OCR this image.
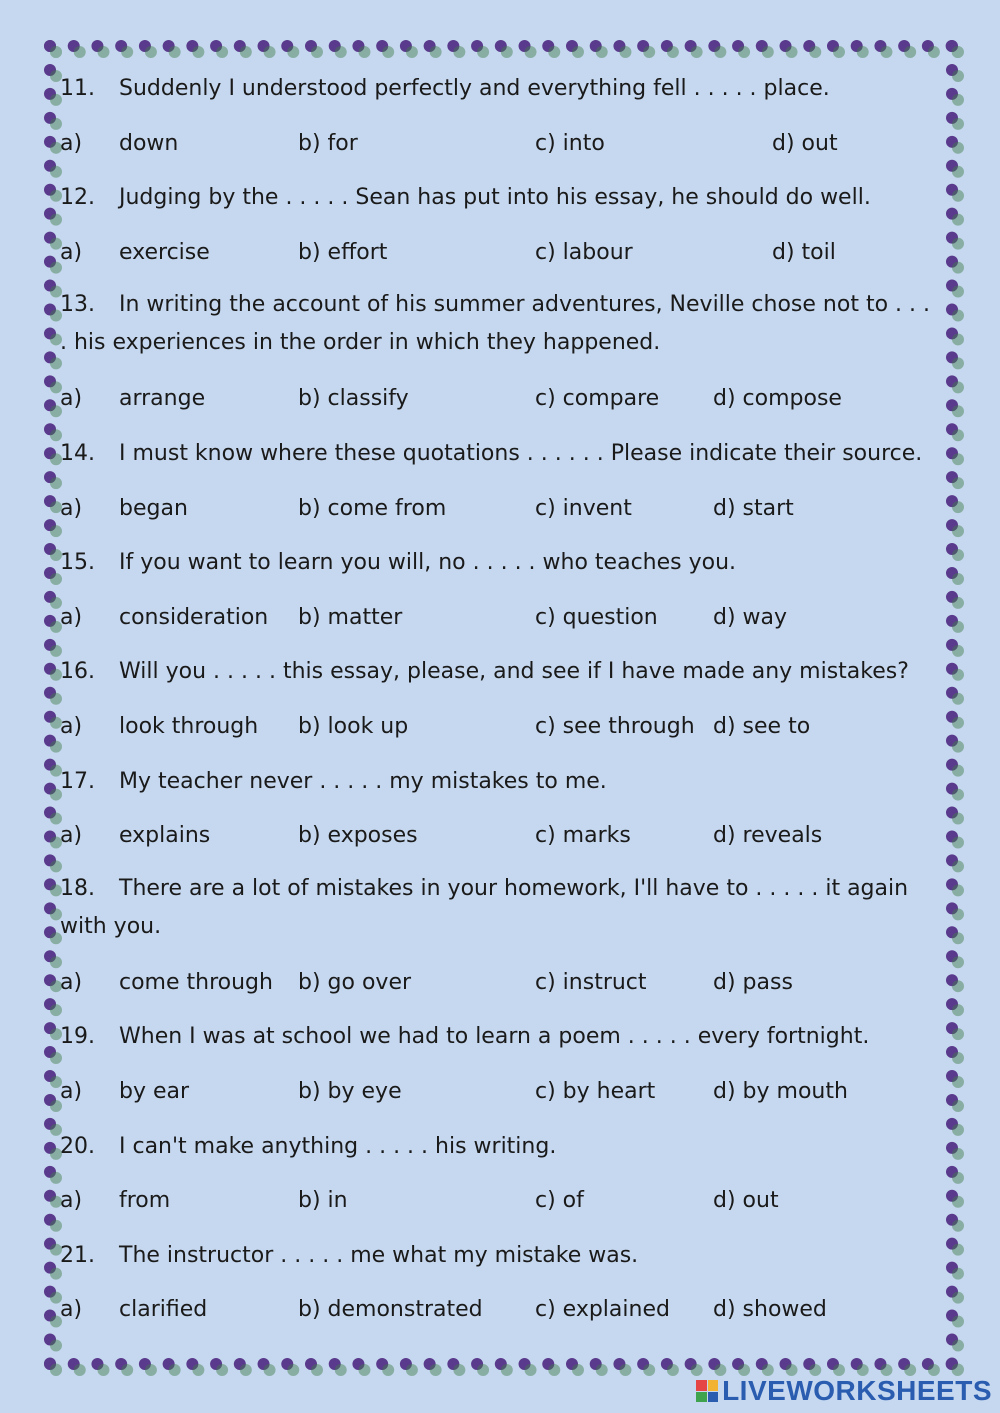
11. Suddenly I understood perfectly and everything fell . . . . . place.
a) down	b) for	c) into	d) out
12. Judging by the . . . . . Sean has put into his essay, he should do well.
a) exercise	b) effort	c) labour	d) toil
13. In writing the account of his summer adventures, Neville chose not to . . . . his experiences in the order in which they happened.
a) arrange	b) classify	c) compare d) compose
14. I must know where these quotations . . . . . . Please indicate their source.
a) began	b) come from	c) invent	d) start
15. If you want to learn you will, no . . . . . who teaches you.
a) consideration b) matter	c) question	d) way
16. Will you . . . . . this essay, please, and see if I have made any mistakes?
a) look through b) look up	c) see through d) see to
17. My teacher never . . . . . my mistakes to me.
a) explains	b) exposes	c) marks	d) reveals
18. There are a lot of mistakes in your homework, I'll have to . . . . . it again with you.
a) come through b) go over	c) instruct	d) pass
19. When I was at school we had to learn a poem . . . . . every fortnight.
a) by ear	b) by eye	c) by heart	d) by mouth
20. I can't make anything . . . . . his writing.
a) from	b) in	c) of	d) out
21. The instructor . . . . . me what my mistake was.
a) clarified	b) demonstrated c) explained d) showed
LIVEWORKSHEETS
